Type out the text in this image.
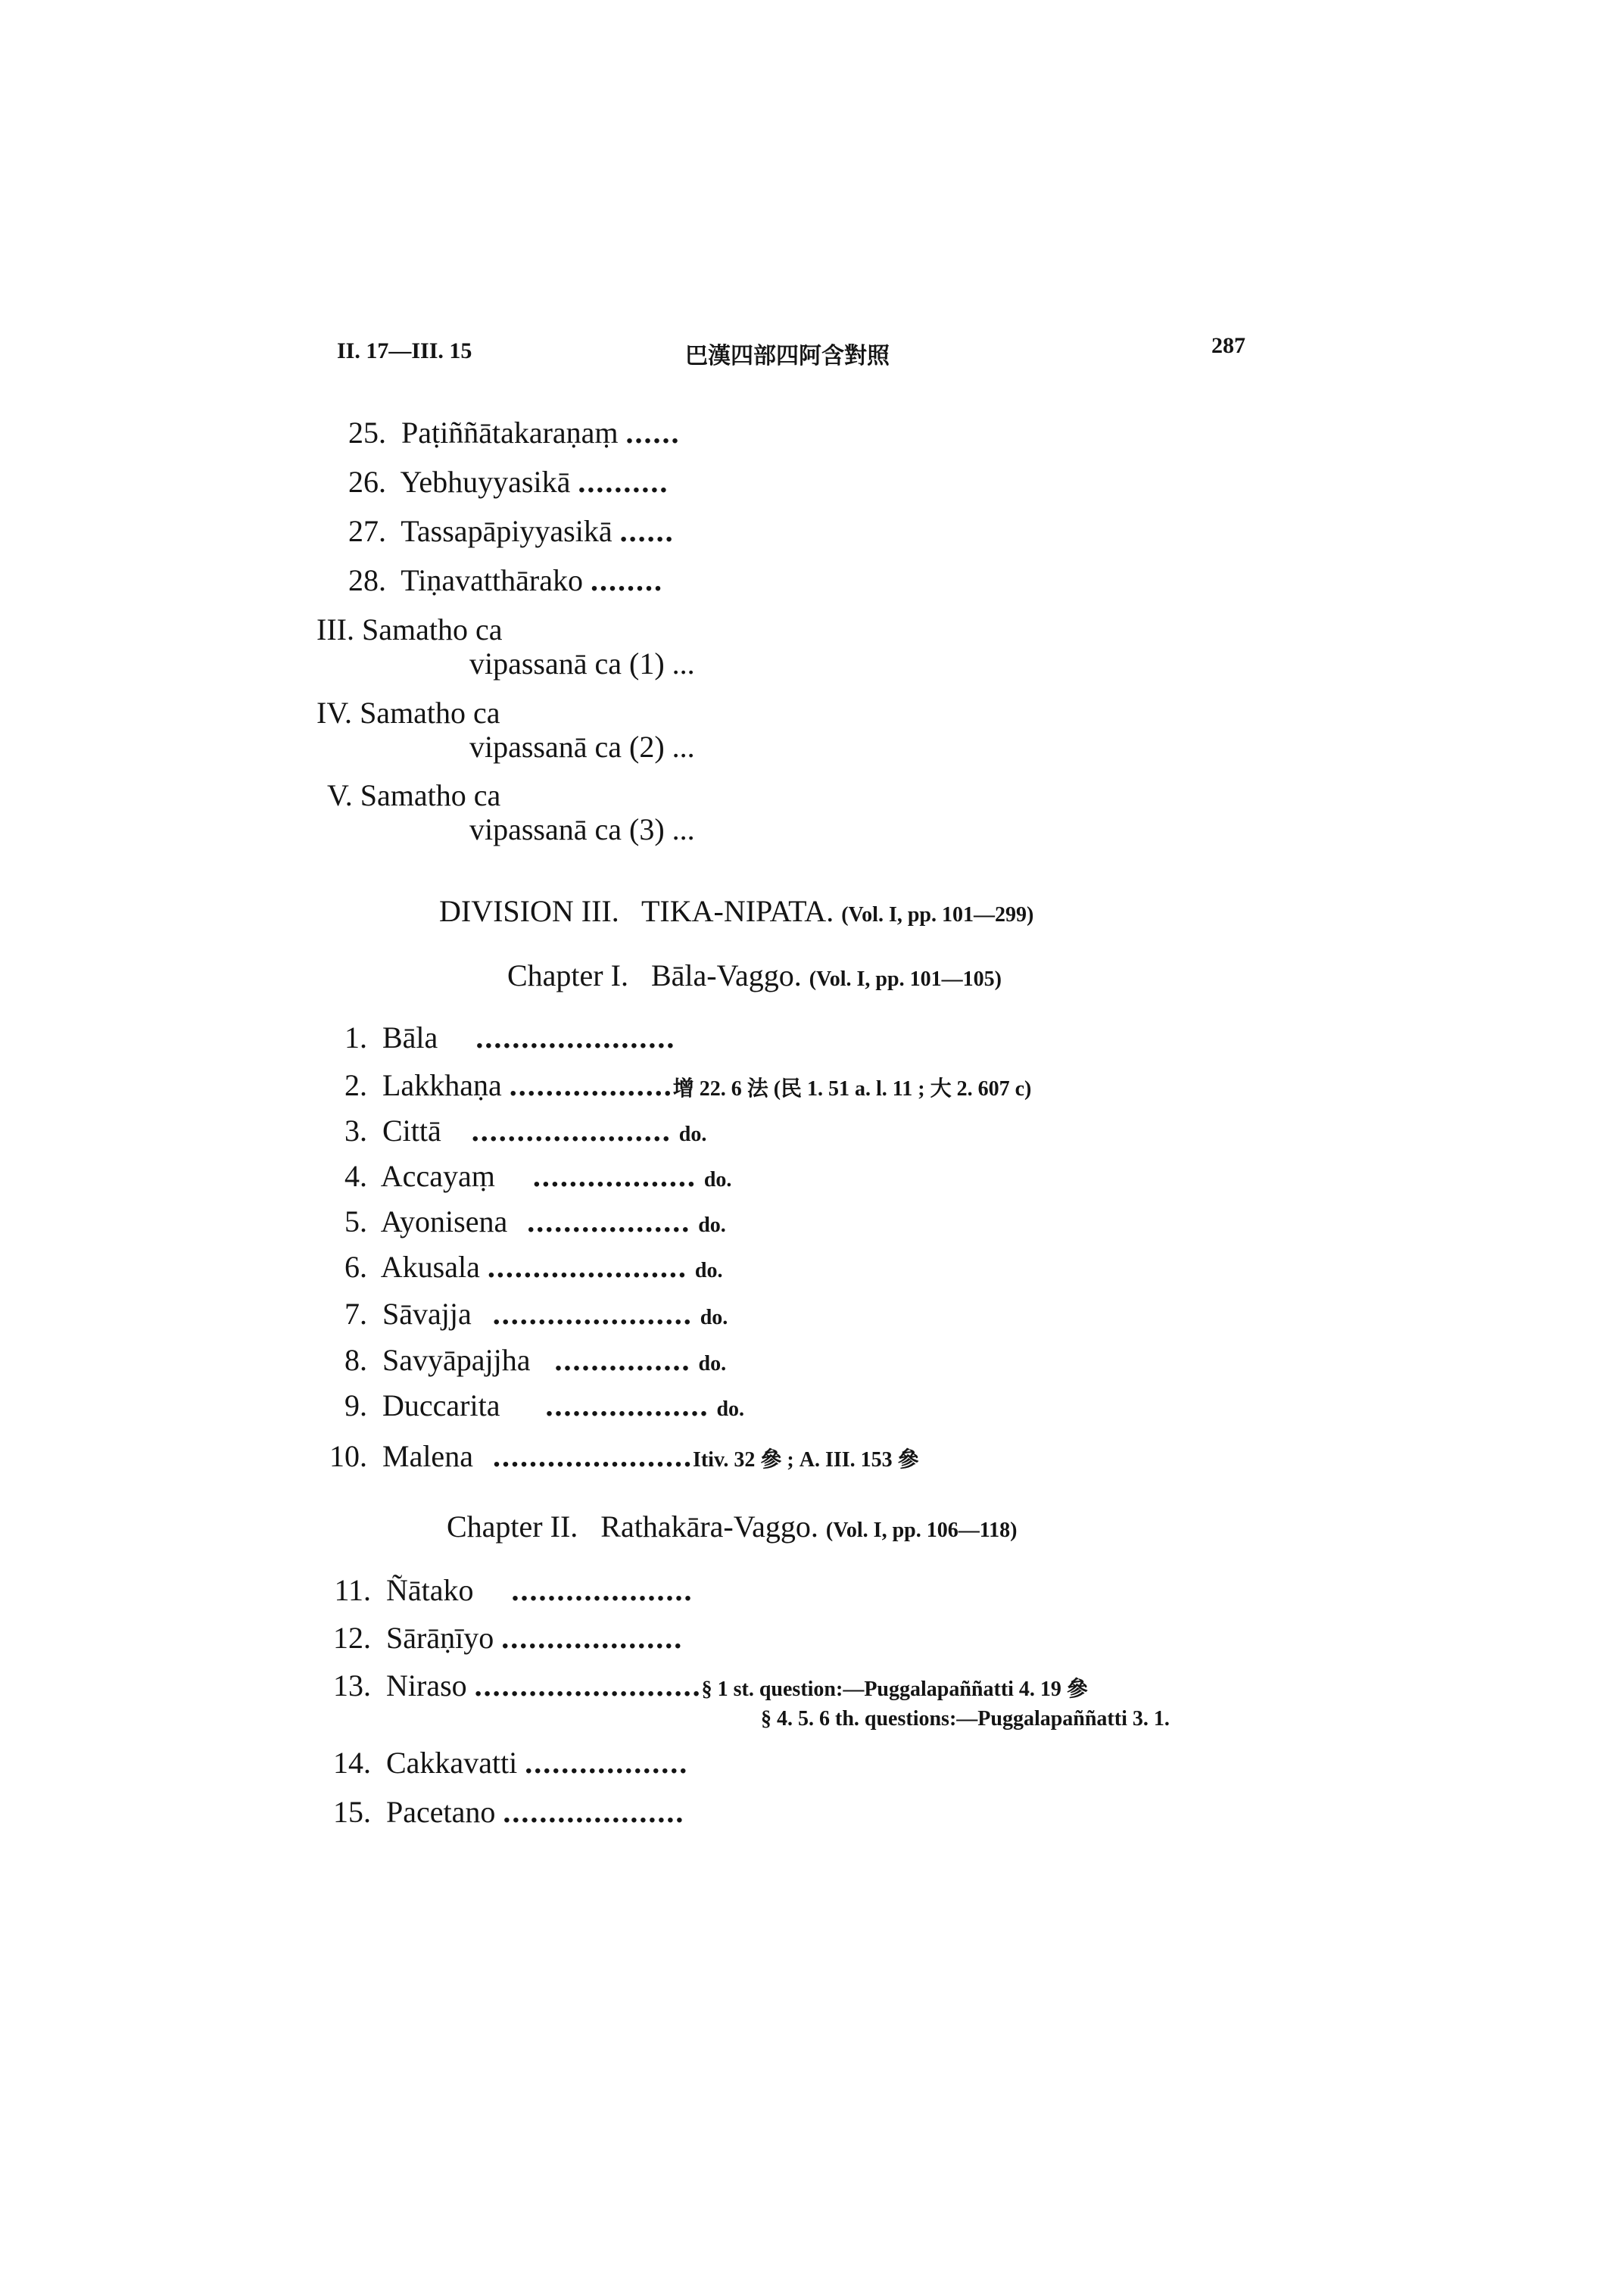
II. 17—III. 15	巴漢四部四阿含對照	287
25. Paṭiññātakaraṇaṃ ......
26. Yebhuyyasikā ..........
27. Tassapāpiyyasikā ......
28. Tiṇavatthārako ........
III. Samatho ca
vipassanā ca (1) ...
IV. Samatho ca
vipassanā ca (2) ...
V. Samatho ca
vipassanā ca (3) ...
DIVISION III.   TIKA-NIPATA. (Vol. I, pp. 101—299)
Chapter I.   Bāla-Vaggo. (Vol. I, pp. 101—105)
1. Bāla ......................
2. Lakkhaṇa ..................增 22. 6 法 (民 1. 51 a. l. 11 ; 大 2. 607 c)
3. Cittā ...................... do.
4. Accayaṃ .................. do.
5. Ayonisena .................. do.
6. Akusala ...................... do.
7. Sāvajja ...................... do.
8. Savyāpajjha ............... do.
9. Duccarita .................. do.
10. Malena ......................Itiv. 32 參 ; A. III. 153 參
Chapter II.   Rathakāra-Vaggo. (Vol. I, pp. 106—118)
11. Ñātako ....................
12. Sārāṇīyo ....................
13. Niraso .........................§ 1 st. question:—Puggalapaññatti 4. 19 參
§ 4. 5. 6 th. questions:—Puggalapaññatti 3. 1.
14. Cakkavatti ..................
15. Pacetano ....................
